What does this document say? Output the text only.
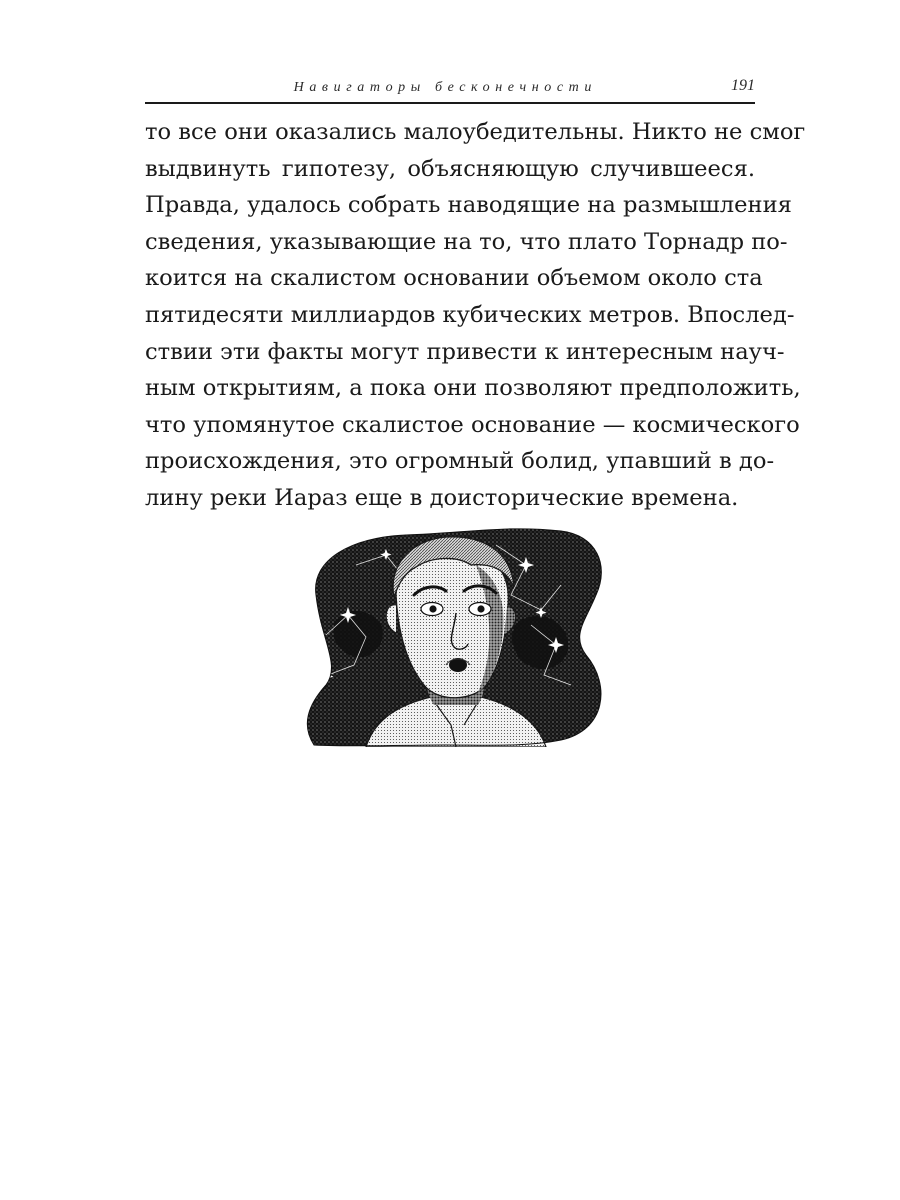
Навигаторы бесконечности	191
то все они оказались малоубедительны. Никто не смог
выдвинуть гипотезу, объясняющую случившееся.
Правда, удалось собрать наводящие на размышления
сведения, указывающие на то, что плато Торнадр по-
коится на скалистом основании объемом около ста
пятидесяти миллиардов кубических метров. Впослед-
ствии эти факты могут привести к интересным науч-
ным открытиям, а пока они позволяют предположить,
что упомянутое скалистое основание — космического
происхождения, это огромный болид, упавший в до-
лину реки Иараз еще в доисторические времена.
